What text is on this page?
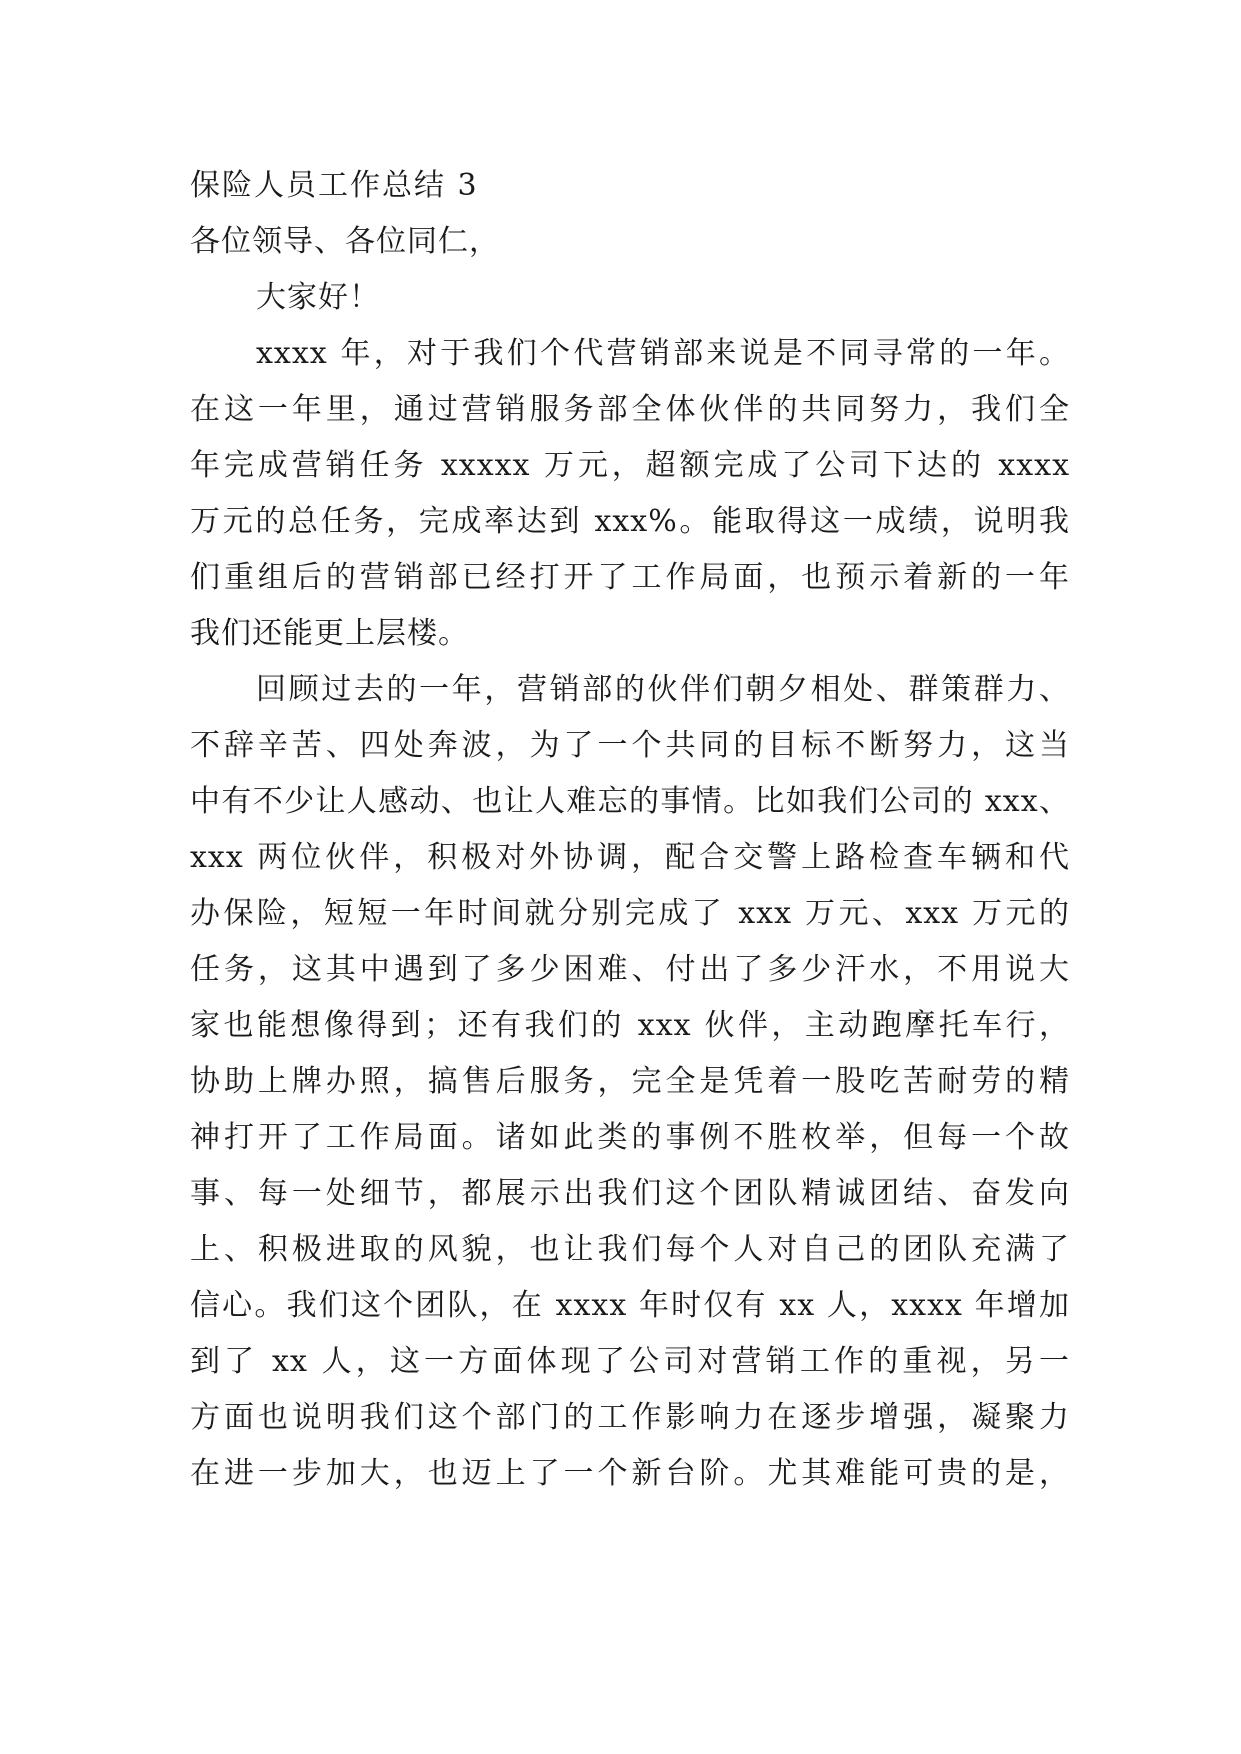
保险人员工作总结 3
各位领导、各位同仁，
大家好！
xxxx 年，对于我们个代营销部来说是不同寻常的一年。
在这一年里，通过营销服务部全体伙伴的共同努力，我们全
年完成营销任务 xxxxx 万元，超额完成了公司下达的 xxxx
万元的总任务，完成率达到 xxx%。能取得这一成绩，说明我
们重组后的营销部已经打开了工作局面，也预示着新的一年
我们还能更上层楼。
回顾过去的一年，营销部的伙伴们朝夕相处、群策群力、
不辞辛苦、四处奔波，为了一个共同的目标不断努力，这当
中有不少让人感动、也让人难忘的事情。比如我们公司的 xxx、
xxx 两位伙伴，积极对外协调，配合交警上路检查车辆和代
办保险，短短一年时间就分别完成了 xxx 万元、xxx 万元的
任务，这其中遇到了多少困难、付出了多少汗水，不用说大
家也能想像得到；还有我们的 xxx 伙伴，主动跑摩托车行，
协助上牌办照，搞售后服务，完全是凭着一股吃苦耐劳的精
神打开了工作局面。诸如此类的事例不胜枚举，但每一个故
事、每一处细节，都展示出我们这个团队精诚团结、奋发向
上、积极进取的风貌，也让我们每个人对自己的团队充满了
信心。我们这个团队，在 xxxx 年时仅有 xx 人，xxxx 年增加
到了 xx 人，这一方面体现了公司对营销工作的重视，另一
方面也说明我们这个部门的工作影响力在逐步增强，凝聚力
在进一步加大，也迈上了一个新台阶。尤其难能可贵的是，
